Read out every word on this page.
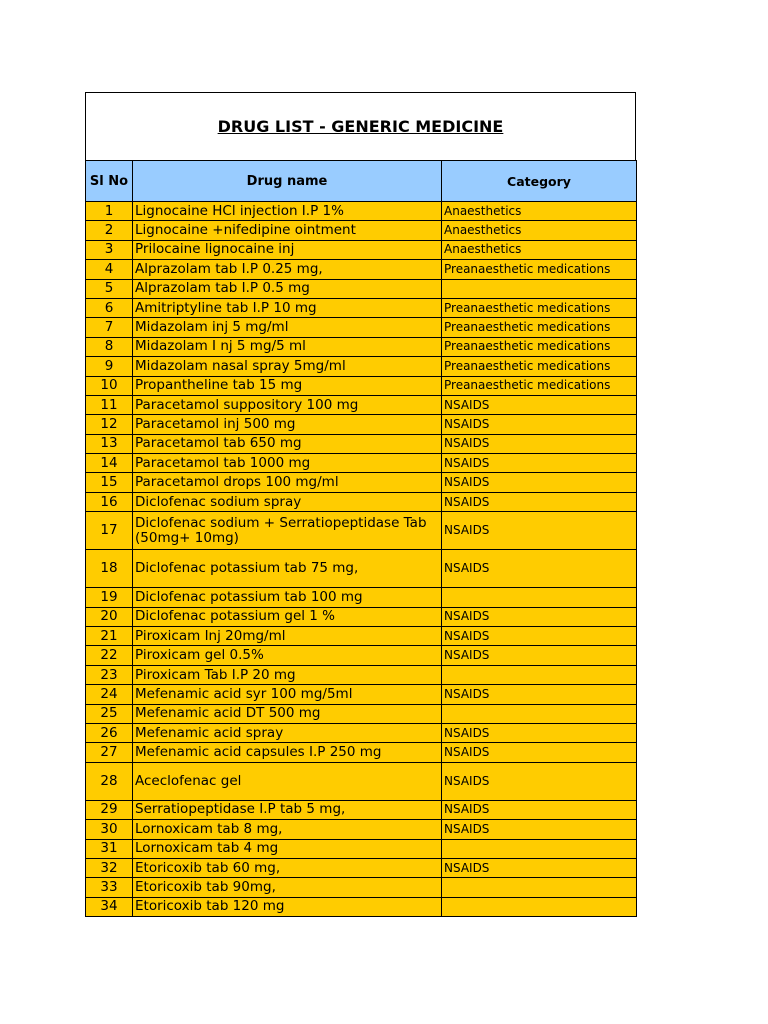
DRUG LIST - GENERIC MEDICINE
Sl No	Drug name	Category
1	Lignocaine HCl injection I.P 1%	Anaesthetics
2	Lignocaine +nifedipine ointment	Anaesthetics
3	Prilocaine lignocaine inj	Anaesthetics
4	Alprazolam tab I.P 0.25 mg,	Preanaesthetic medications
5	Alprazolam tab I.P 0.5 mg	
6	Amitriptyline tab I.P 10 mg	Preanaesthetic medications
7	Midazolam inj 5 mg/ml	Preanaesthetic medications
8	Midazolam I nj 5 mg/5 ml	Preanaesthetic medications
9	Midazolam nasal spray 5mg/ml	Preanaesthetic medications
10	Propantheline tab 15 mg	Preanaesthetic medications
11	Paracetamol suppository 100 mg	NSAIDS
12	Paracetamol inj 500 mg	NSAIDS
13	Paracetamol tab 650 mg	NSAIDS
14	Paracetamol tab 1000 mg	NSAIDS
15	Paracetamol drops 100 mg/ml	NSAIDS
16	Diclofenac sodium spray	NSAIDS
17	Diclofenac sodium + Serratiopeptidase Tab (50mg+ 10mg)	NSAIDS
18	Diclofenac potassium tab 75 mg,	NSAIDS
19	Diclofenac potassium tab 100 mg	
20	Diclofenac potassium gel 1 %	NSAIDS
21	Piroxicam Inj 20mg/ml	NSAIDS
22	Piroxicam gel 0.5%	NSAIDS
23	Piroxicam Tab I.P 20 mg	
24	Mefenamic acid syr 100 mg/5ml	NSAIDS
25	Mefenamic acid DT 500 mg	
26	Mefenamic acid spray	NSAIDS
27	Mefenamic acid capsules I.P 250 mg	NSAIDS
28	Aceclofenac gel	NSAIDS
29	Serratiopeptidase I.P tab 5 mg,	NSAIDS
30	Lornoxicam tab 8 mg,	NSAIDS
31	Lornoxicam tab 4 mg	
32	Etoricoxib tab 60 mg,	NSAIDS
33	Etoricoxib tab 90mg,	
34	Etoricoxib tab 120 mg	
